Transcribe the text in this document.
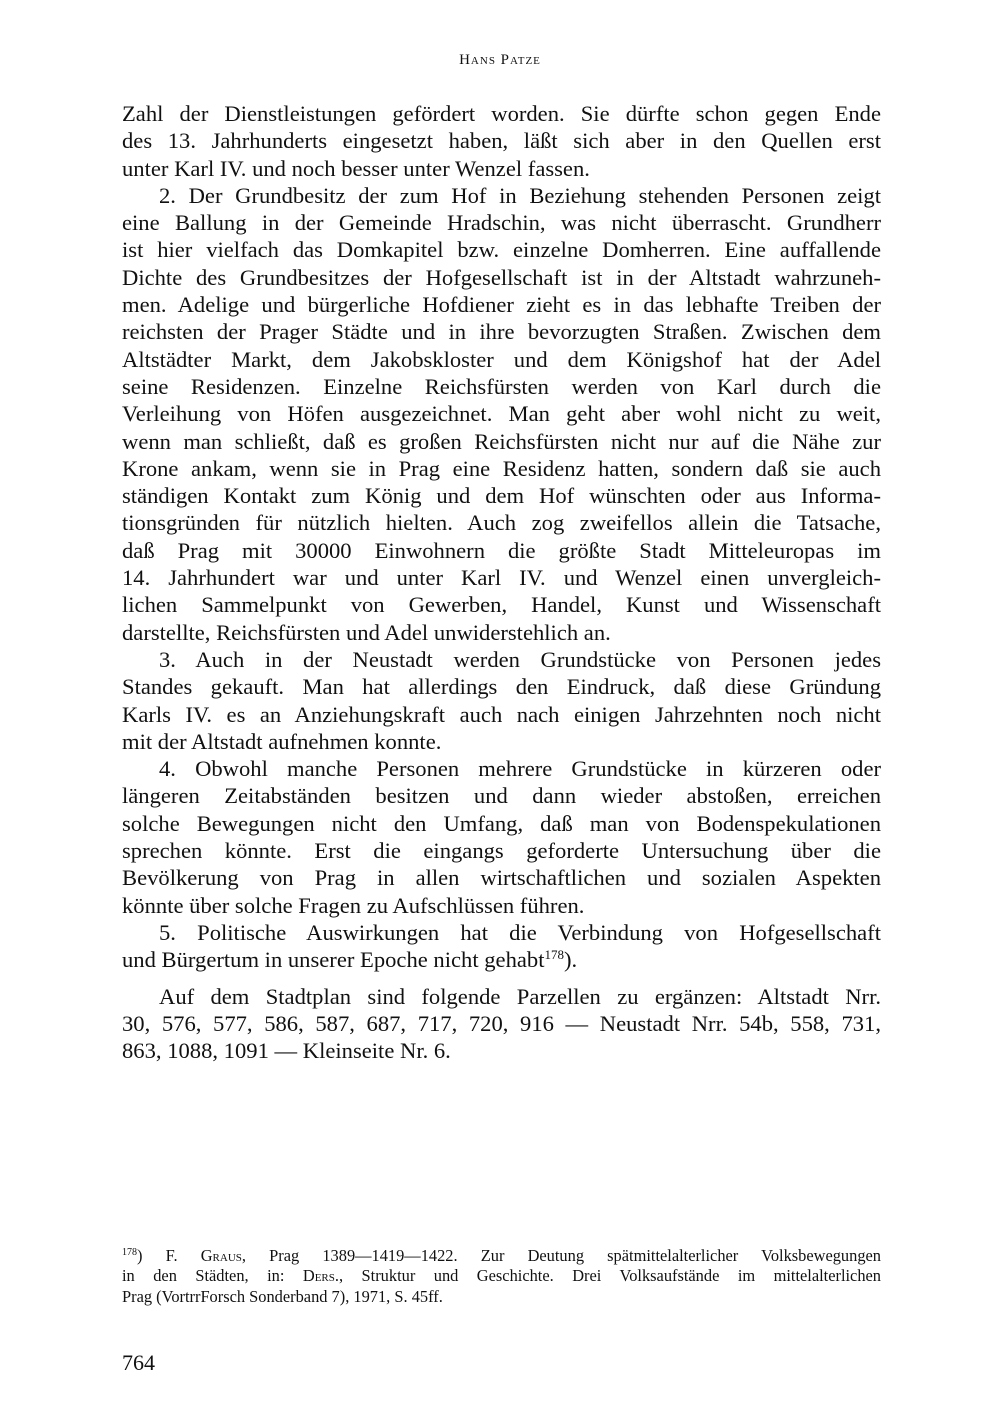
Hans Patze

Zahl der Dienstleistungen gefördert worden. Sie dürfte schon gegen Ende
des 13. Jahrhunderts eingesetzt haben, läßt sich aber in den Quellen erst
unter Karl IV. und noch besser unter Wenzel fassen.

2. Der Grundbesitz der zum Hof in Beziehung stehenden Personen zeigt
eine Ballung in der Gemeinde Hradschin, was nicht überrascht. Grundherr
ist hier vielfach das Domkapitel bzw. einzelne Domherren. Eine auffallende
Dichte des Grundbesitzes der Hofgesellschaft ist in der Altstadt wahrzuneh-
men. Adelige und bürgerliche Hofdiener zieht es in das lebhafte Treiben der
reichsten der Prager Städte und in ihre bevorzugten Straßen. Zwischen dem
Altstädter Markt, dem Jakobskloster und dem Königshof hat der Adel
seine Residenzen. Einzelne Reichsfürsten werden von Karl durch die
Verleihung von Höfen ausgezeichnet. Man geht aber wohl nicht zu weit,
wenn man schließt, daß es großen Reichsfürsten nicht nur auf die Nähe zur
Krone ankam, wenn sie in Prag eine Residenz hatten, sondern daß sie auch
ständigen Kontakt zum König und dem Hof wünschten oder aus Informa-
tionsgründen für nützlich hielten. Auch zog zweifellos allein die Tatsache,
daß Prag mit 30000 Einwohnern die größte Stadt Mitteleuropas im
14. Jahrhundert war und unter Karl IV. und Wenzel einen unvergleich-
lichen Sammelpunkt von Gewerben, Handel, Kunst und Wissenschaft
darstellte, Reichsfürsten und Adel unwiderstehlich an.

3. Auch in der Neustadt werden Grundstücke von Personen jedes
Standes gekauft. Man hat allerdings den Eindruck, daß diese Gründung
Karls IV. es an Anziehungskraft auch nach einigen Jahrzehnten noch nicht
mit der Altstadt aufnehmen konnte.

4. Obwohl manche Personen mehrere Grundstücke in kürzeren oder
längeren Zeitabständen besitzen und dann wieder abstoßen, erreichen
solche Bewegungen nicht den Umfang, daß man von Bodenspekulationen
sprechen könnte. Erst die eingangs geforderte Untersuchung über die
Bevölkerung von Prag in allen wirtschaftlichen und sozialen Aspekten
könnte über solche Fragen zu Aufschlüssen führen.

5. Politische Auswirkungen hat die Verbindung von Hofgesellschaft
und Bürgertum in unserer Epoche nicht gehabt$^{178}$).

Auf dem Stadtplan sind folgende Parzellen zu ergänzen: Altstadt Nrr.
30, 576, 577, 586, 587, 687, 717, 720, 916 — Neustadt Nrr. 54b, 558, 731,
863, 1088, 1091 — Kleinseite Nr. 6.

$^{178}$) F. Graus, Prag 1389—1419—1422. Zur Deutung spätmittelalterlicher Volksbewegungen
in den Städten, in: Ders., Struktur und Geschichte. Drei Volksaufstände im mittelalterlichen
Prag (VortrrForsch Sonderband 7), 1971, S. 45ff.
764
